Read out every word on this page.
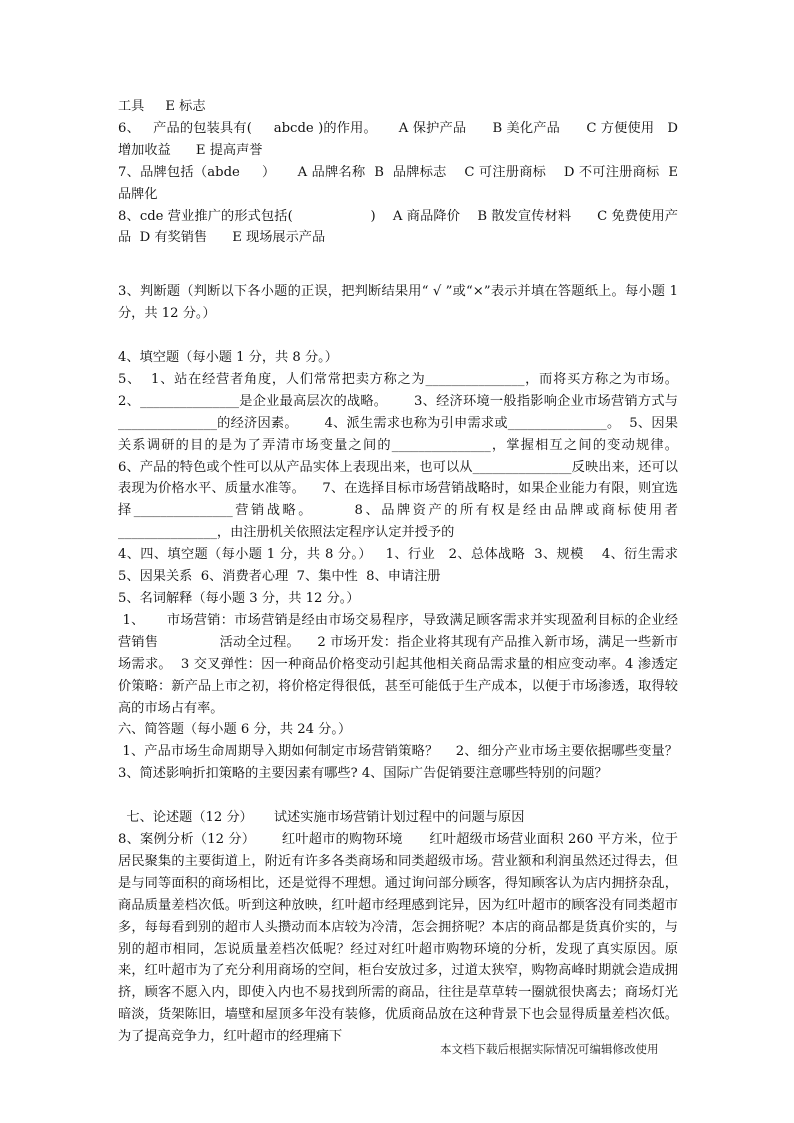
工具     E 标志

6、   产品的包装具有(     abcde )的作用。     A 保护产品      B 美化产品      C 方便使用   D 增加收益      E 提高声誉

7、品牌包括（abde     ）     A 品牌名称  B  品牌标志    C 可注册商标    D 不可注册商标  E  品牌化

8、cde 营业推广的形式包括(                  )    A 商品降价    B 散发宣传材料      C 免费使用产品  D 有奖销售      E 现场展示产品

3、判断题（判断以下各小题的正误，把判断结果用“ √ ”或“×”表示并填在答题纸上。每小题 1 分，共 12 分。）

4、填空题（每小题 1 分，共 8 分。）

5、  1、站在经营者角度，人们常常把卖方称之为_______________，而将买方称之为市场。  2、_______________是企业最高层次的战略。      3、经济环境一般指影响企业市场营销方式与_______________的经济因素。      4、派生需求也称为引申需求或_______________。  5、因果关系调研的目的是为了弄清市场变量之间的_______________，掌握相互之间的变动规律。      6、产品的特色或个性可以从产品实体上表现出来，也可以从_______________反映出来，还可以表现为价格水平、质量水准等。    7、在选择目标市场营销战略时，如果企业能力有限，则宜选择_______________营销战略。      8、品牌资产的所有权是经由品牌或商标使用者_______________，由注册机关依照法定程序认定并授予的

4、四、填空题（每小题 1 分，共 8 分。）   1、行业   2、总体战略  3、规模    4、衍生需求  5、因果关系  6、消费者心理  7、集中性  8、申请注册

5、名词解释（每小题 3 分，共 12 分。）

1、     市场营销：市场营销是经由市场交易程序，导致满足顾客需求并实现盈利目标的企业经营销售              活动全过程。    2 市场开发：指企业将其现有产品推入新市场，满足一些新市场需求。  3 交叉弹性：因一种商品价格变动引起其他相关商品需求量的相应变动率。4 渗透定价策略：新产品上市之初，将价格定得很低，甚至可能低于生产成本，以便于市场渗透，取得较高的市场占有率。

六、简答题（每小题 6 分，共 24 分。）

1、产品市场生命周期导入期如何制定市场营销策略？    2、细分产业市场主要依据哪些变量？  3、简述影响折扣策略的主要因素有哪些? 4、国际广告促销要注意哪些特别的问题？

七、论述题（12 分）     试述实施市场营销计划过程中的问题与原因

8、案例分析（12 分）      红叶超市的购物环境      红叶超级市场营业面积 260 平方米，位于居民聚集的主要街道上，附近有许多各类商场和同类超级市场。营业额和利润虽然还过得去，但是与同等面积的商场相比，还是觉得不理想。通过询问部分顾客，得知顾客认为店内拥挤杂乱，商品质量差档次低。听到这种放映，红叶超市经理感到诧异，因为红叶超市的顾客没有同类超市多，每每看到别的超市人头攒动而本店较为冷清，怎会拥挤呢？本店的商品都是货真价实的，与别的超市相同，怎说质量差档次低呢？经过对红叶超市购物环境的分析，发现了真实原因。原来，红叶超市为了充分利用商场的空间，柜台安放过多，过道太狭窄，购物高峰时期就会造成拥挤，顾客不愿入内，即使入内也不易找到所需的商品，往往是草草转一圈就很快离去；商场灯光暗淡，货架陈旧，墙壁和屋顶多年没有装修，优质商品放在这种背景下也会显得质量差档次低。为了提高竞争力，红叶超市的经理痛下

本文档下载后根据实际情况可编辑修改使用
